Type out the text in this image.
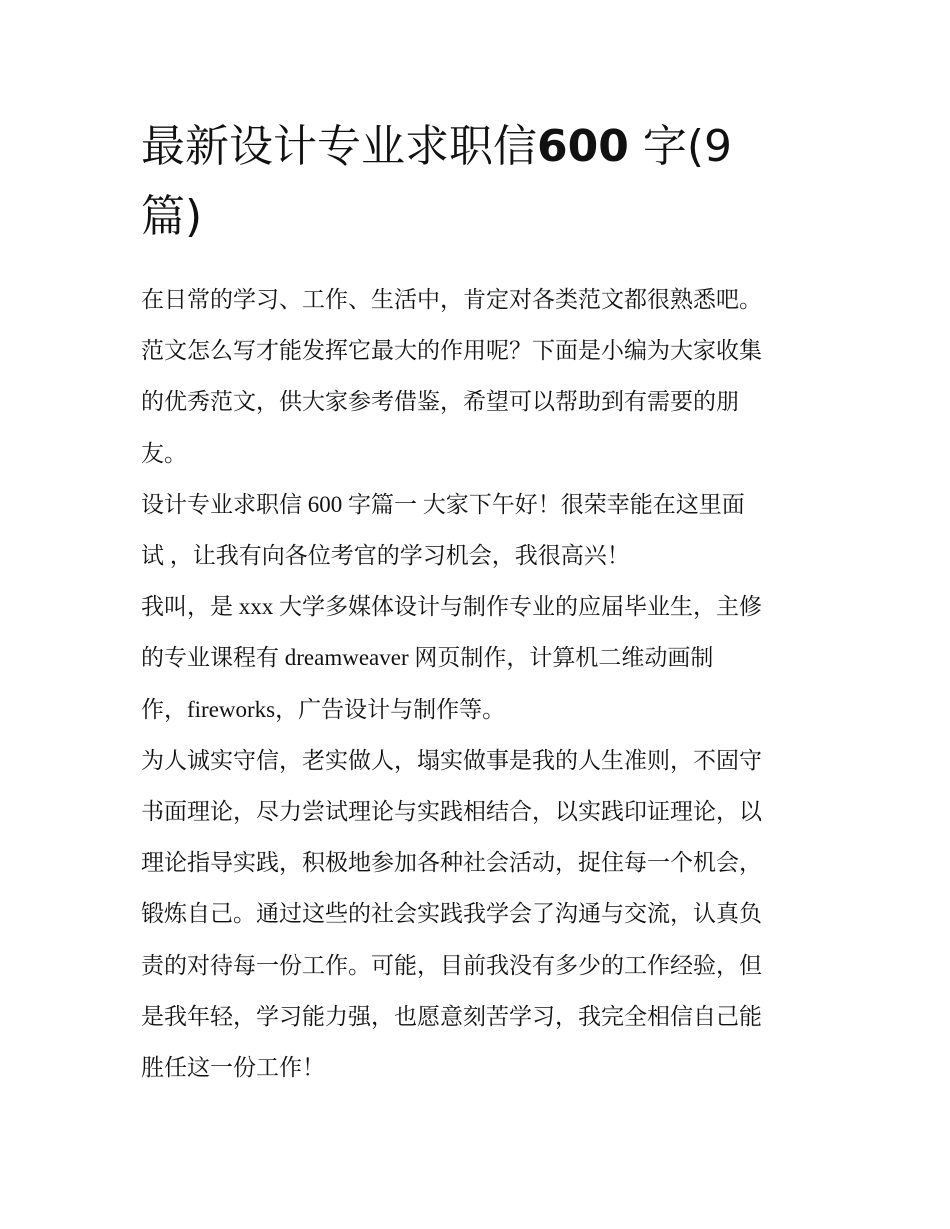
最新设计专业求职信600 字(9
篇)

在日常的学习、工作、生活中，肯定对各类范文都很熟悉吧。
范文怎么写才能发挥它最大的作用呢？下面是小编为大家收集
的优秀范文，供大家参考借鉴，希望可以帮助到有需要的朋
友。

设计专业求职信 600 字篇一 大家下午好！很荣幸能在这里面
试 ，让我有向各位考官的学习机会，我很高兴！

我叫，是 xxx 大学多媒体设计与制作专业的应届毕业生，主修
的专业课程有 dreamweaver 网页制作，计算机二维动画制
作，fireworks，广告设计与制作等。

为人诚实守信，老实做人，塌实做事是我的人生准则，不固守
书面理论，尽力尝试理论与实践相结合，以实践印证理论，以
理论指导实践，积极地参加各种社会活动，捉住每一个机会，
锻炼自己。通过这些的社会实践我学会了沟通与交流，认真负
责的对待每一份工作。可能，目前我没有多少的工作经验，但
是我年轻，学习能力强，也愿意刻苦学习，我完全相信自己能
胜任这一份工作！
